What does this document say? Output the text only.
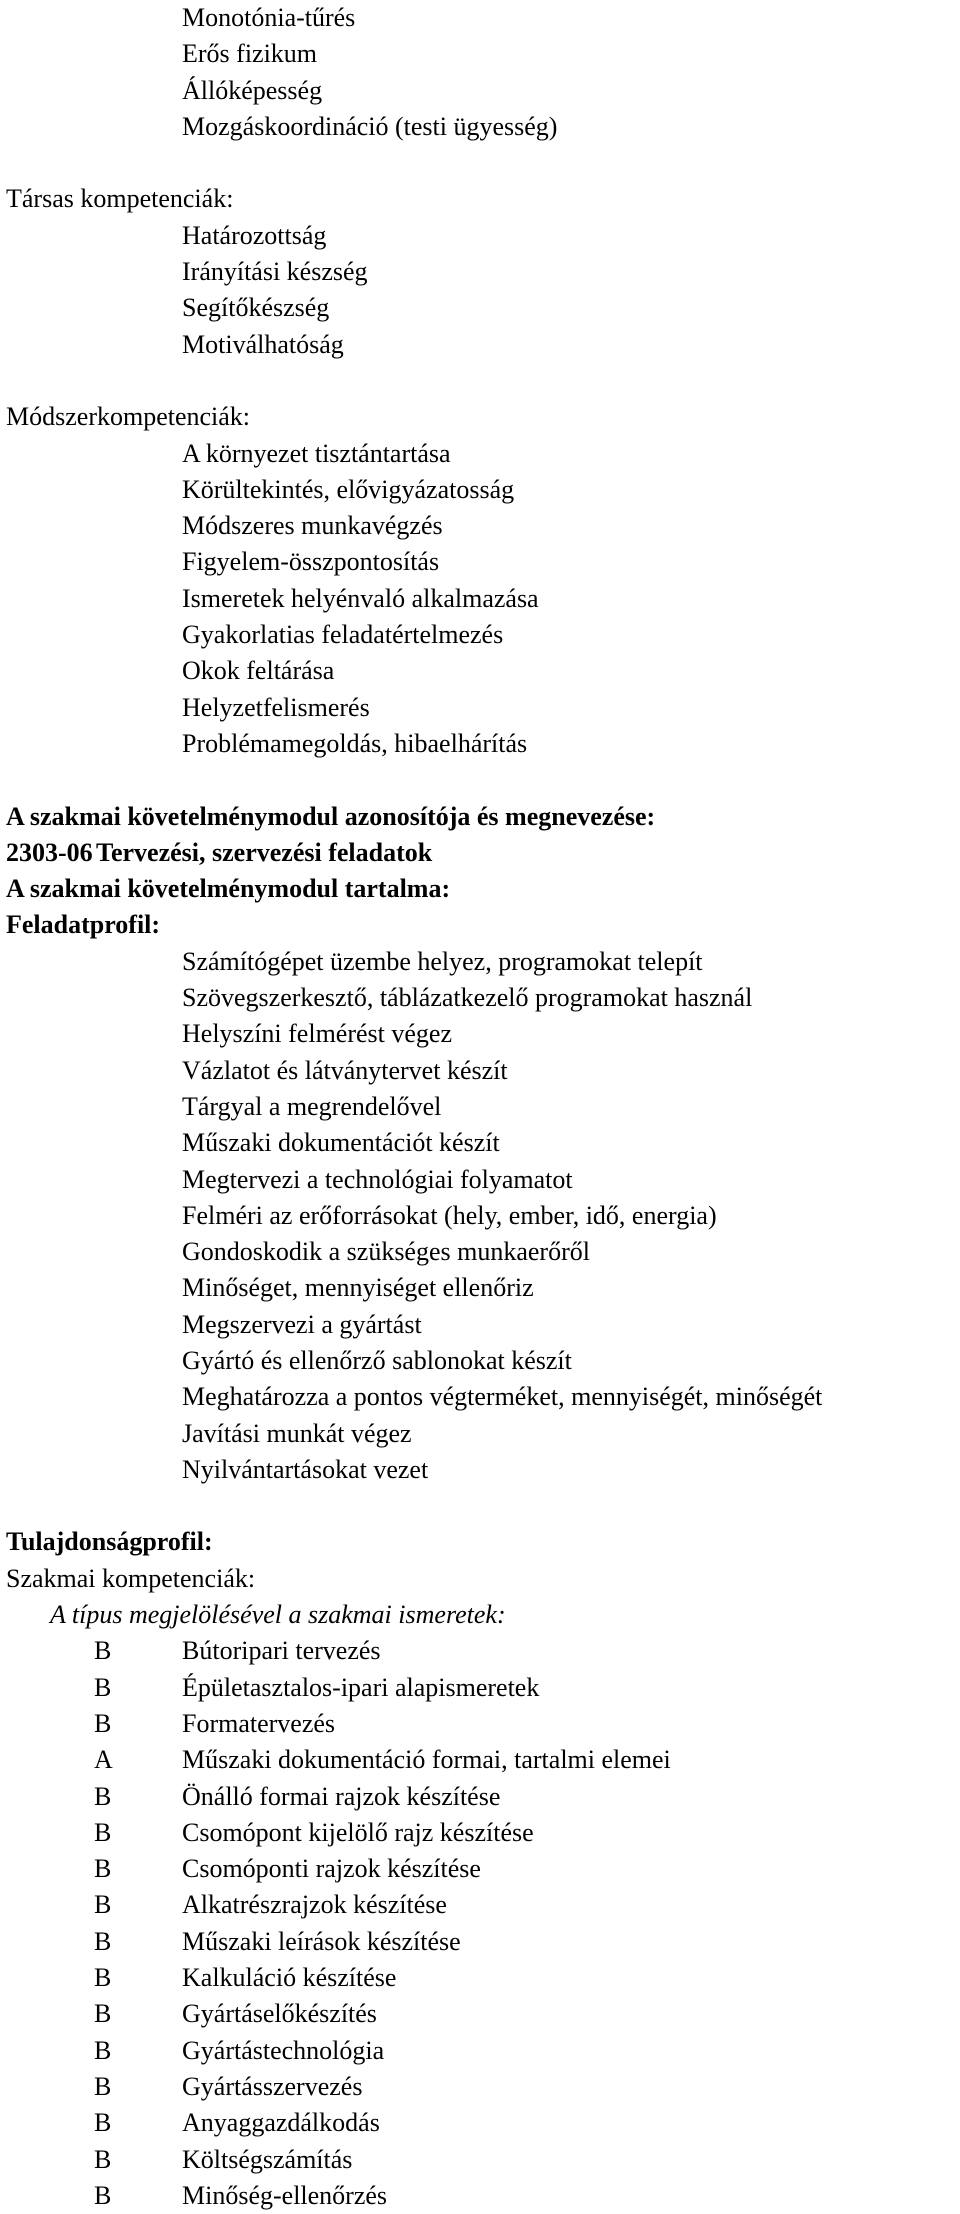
Monotónia-tűrés
Erős fizikum
Állóképesség
Mozgáskoordináció (testi ügyesség)
Társas kompetenciák:
Határozottság
Irányítási készség
Segítőkészség
Motiválhatóság
Módszerkompetenciák:
A környezet tisztántartása
Körültekintés, elővigyázatosság
Módszeres munkavégzés
Figyelem-összpontosítás
Ismeretek helyénvaló alkalmazása
Gyakorlatias feladatértelmezés
Okok feltárása
Helyzetfelismerés
Problémamegoldás, hibaelhárítás
A szakmai követelménymodul azonosítója és megnevezése:
2303-06 Tervezési, szervezési feladatok
A szakmai követelménymodul tartalma:
Feladatprofil:
Számítógépet üzembe helyez, programokat telepít
Szövegszerkesztő, táblázatkezelő programokat használ
Helyszíni felmérést végez
Vázlatot és látványtervet készít
Tárgyal a megrendelővel
Műszaki dokumentációt készít
Megtervezi a technológiai folyamatot
Felméri az erőforrásokat (hely, ember, idő, energia)
Gondoskodik a szükséges munkaerőről
Minőséget, mennyiséget ellenőriz
Megszervezi a gyártást
Gyártó és ellenőrző sablonokat készít
Meghatározza a pontos végterméket, mennyiségét, minőségét
Javítási munkát végez
Nyilvántartásokat vezet
Tulajdonságprofil:
Szakmai kompetenciák:
A típus megjelölésével a szakmai ismeretek:
B	Bútoripari tervezés
B	Épületasztalos-ipari alapismeretek
B	Formatervezés
A	Műszaki dokumentáció formai, tartalmi elemei
B	Önálló formai rajzok készítése
B	Csomópont kijelölő rajz készítése
B	Csomóponti rajzok készítése
B	Alkatrészrajzok készítése
B	Műszaki leírások készítése
B	Kalkuláció készítése
B	Gyártáselőkészítés
B	Gyártástechnológia
B	Gyártásszervezés
B	Anyaggazdálkodás
B	Költségszámítás
B	Minőség-ellenőrzés
